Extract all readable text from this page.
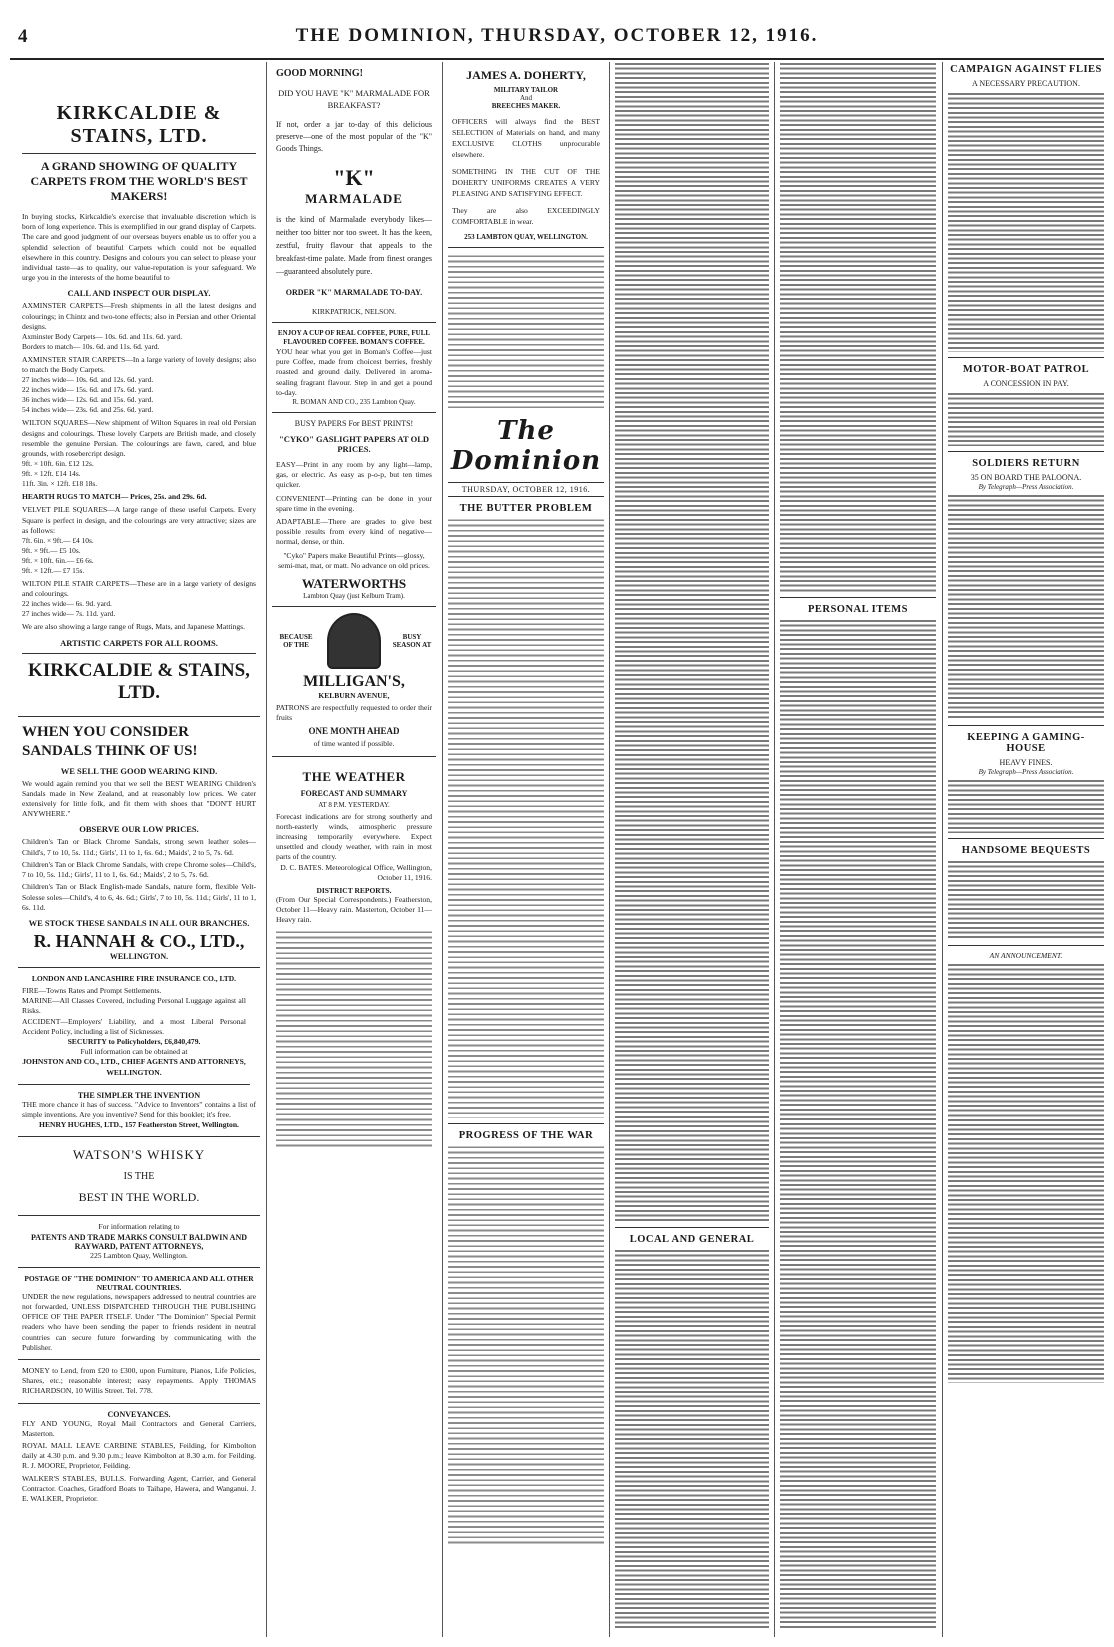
4	THE DOMINION, THURSDAY, OCTOBER 12, 1916.
KIRKCALDIE & STAINS, LTD.
A GRAND SHOWING OF QUALITY CARPETS FROM THE WORLD'S BEST MAKERS!
In buying stocks, Kirkcaldie's exercise that invaluable discretion which is born of long experience. This is exemplified in our grand display of Carpets. The care and good judgment of our overseas buyers enable us to offer you a splendid selection of beautiful Carpets which could not be equalled elsewhere in this country. Designs and colours you can select to please your individual taste—as to quality, our value-reputation is your safeguard. We urge you in the interests of the home beautiful to
CALL AND INSPECT OUR DISPLAY.
AXMINSTER CARPETS—Fresh shipments in all the latest designs and colourings; in Chintz and two-tone effects; also in Persian and other Oriental designs.
Axminster Body Carpets— 10s. 6d. and 11s. 6d. yard.
Borders to match— 10s. 6d. and 11s. 6d. yard.
AXMINSTER STAIR CARPETS—In a large variety of lovely designs; also to match the Body Carpets.
27 inches wide— 10s. 6d. and 12s. 6d. yard.
22 inches wide— 15s. 6d. and 17s. 6d. yard.
36 inches wide— 12s. 6d. and 15s. 6d. yard.
54 inches wide— 23s. 6d. and 25s. 6d. yard.
WILTON SQUARES—New shipment of Wilton Squares in real old Persian designs and colourings. These lovely Carpets are British made, and closely resemble the genuine Persian. The colourings are fawn, cared, and blue grounds, with rosebercript design.
9ft. × 10ft. 6in. £12 12s.
9ft. × 12ft. £14 14s.
11ft. 3in. × 12ft. £18 18s.
HEARTH RUGS TO MATCH— Prices, 25s. and 29s. 6d.
VELVET PILE SQUARES—A large range of these useful Carpets. Every Square is perfect in design, and the colourings are very attractive; sizes are as follows:
7ft. 6in. × 9ft.— £4 10s.
9ft. × 9ft.— £5 10s.
9ft. × 10ft. 6in.— £6 6s.
9ft. × 12ft.— £7 15s.
WILTON PILE STAIR CARPETS—These are in a large variety of designs and colourings.
22 inches wide— 6s. 9d. yard.
27 inches wide— 7s. 11d. yard.
We are also showing a large range of Rugs, Mats, and Japanese Mattings.
ARTISTIC CARPETS FOR ALL ROOMS.
KIRKCALDIE & STAINS, LTD.
WHEN YOU CONSIDER SANDALS THINK OF US!
WE SELL THE GOOD WEARING KIND.
We would again remind you that we sell the BEST WEARING Children's Sandals made in New Zealand, and at reasonably low prices. We cater extensively for little folk, and fit them with shoes that "DON'T HURT ANYWHERE."
OBSERVE OUR LOW PRICES.
Children's Tan or Black Chrome Sandals, strong sewn leather soles—Child's, 7 to 10, 5s. 11d.; Girls', 11 to 1, 6s. 6d.; Maids', 2 to 5, 7s. 6d.
Children's Tan or Black Chrome Sandals, with crepe Chrome soles—Child's, 7 to 10, 5s. 11d.; Girls', 11 to 1, 6s. 6d.; Maids', 2 to 5, 7s. 6d.
Children's Tan or Black English-made Sandals, nature form, flexible Velt-Solesse soles—Child's, 4 to 6, 4s. 6d.; Girls', 7 to 10, 5s. 11d.; Girls', 11 to 1, 6s. 11d.
WE STOCK THESE SANDALS IN ALL OUR BRANCHES.
R. HANNAH & CO., LTD.,
WELLINGTON.
LONDON AND LANCASHIRE FIRE INSURANCE CO., LTD.
FIRE—Towns Rates and Prompt Settlements.
MARINE—All Classes Covered, including Personal Luggage against all Risks.
ACCIDENT—Employers' Liability, and a most Liberal Personal Accident Policy, including a list of Sicknesses.
SECURITY to Policyholders, £6,840,479.
Full information can be obtained at
JOHNSTON AND CO., LTD., CHIEF AGENTS AND ATTORNEYS, WELLINGTON.
THE SIMPLER THE INVENTION
THE more chance it has of success. "Advice to Inventors" contains a list of simple inventions. Are you inventive? Send for this booklet; it's free.
HENRY HUGHES, LTD., 157 Featherston Street, Wellington.
WATSON'S WHISKY
IS THE
BEST IN THE WORLD.
For information relating to
PATENTS AND TRADE MARKS CONSULT BALDWIN AND RAYWARD, PATENT ATTORNEYS,
225 Lambton Quay, Wellington.
POSTAGE OF "THE DOMINION" TO AMERICA AND ALL OTHER NEUTRAL COUNTRIES.
UNDER the new regulations, newspapers addressed to neutral countries are not forwarded, UNLESS DISPATCHED THROUGH THE PUBLISHING OFFICE OF THE PAPER ITSELF. Under "The Dominion" Special Permit readers who have been sending the paper to friends resident in neutral countries can secure future forwarding by communicating with the Publisher.
MONEY to Lend, from £20 to £300, upon Furniture, Pianos, Life Policies, Shares, etc.; reasonable interest; easy repayments. Apply THOMAS RICHARDSON, 10 Willis Street. Tel. 778.
CONVEYANCES.
FLY AND YOUNG, Royal Mail Contractors and General Carriers, Masterton.
ROYAL MALL LEAVE CARBINE STABLES, Feilding, for Kimbolton daily at 4.30 p.m. and 9.30 p.m.; leave Kimbolton at 8.30 a.m. for Feilding. R. J. MOORE, Proprietor, Feilding.
WALKER'S STABLES, BULLS. Forwarding Agent, Carrier, and General Contractor. Coaches, Gradford Boats to Taihape, Hawera, and Wanganui. J. E. WALKER, Proprietor.
GOOD MORNING!
DID YOU HAVE "K" MARMALADE FOR BREAKFAST?
If not, order a jar to-day of this delicious preserve—one of the most popular of the "K" Goods Things.
"K"
MARMALADE
is the kind of Marmalade everybody likes—neither too bitter nor too sweet. It has the keen, zestful, fruity flavour that appeals to the breakfast-time palate. Made from finest oranges—guaranteed absolutely pure.
ORDER "K" MARMALADE TO-DAY.
KIRKPATRICK, NELSON.
ENJOY A CUP OF REAL COFFEE, PURE, FULL FLAVOURED COFFEE. BOMAN'S COFFEE.
YOU hear what you get in Boman's Coffee—just pure Coffee, made from choicest berries, freshly roasted and ground daily. Delivered in aroma-sealing fragrant flavour. Step in and get a pound to-day.
R. BOMAN AND CO., 235 Lambton Quay.
BUSY PAPERS For BEST PRINTS!
"CYKO" GASLIGHT PAPERS AT OLD PRICES.
EASY—Print in any room by any light—lamp, gas, or electric. As easy as p-o-p, but ten times quicker.
CONVENIENT—Printing can be done in your spare time in the evening.
ADAPTABLE—There are grades to give best possible results from every kind of negative—normal, dense, or thin.
"Cyko" Papers make Beautiful Prints—glossy, semi-mat, mat, or matt. No advance on old prices.
WATERWORTHS
Lambton Quay (just Kelburn Tram).
BECAUSE OF THE
BUSY SEASON AT
MILLIGAN'S,
KELBURN AVENUE,
PATRONS are respectfully requested to order their fruits
ONE MONTH AHEAD
of time wanted if possible.
THE WEATHER
FORECAST AND SUMMARY
AT 8 P.M. YESTERDAY.
Forecast indications are for strong southerly and north-easterly winds, atmospheric pressure increasing temporarily everywhere. Expect unsettled and cloudy weather, with rain in most parts of the country.
D. C. BATES. Meteorological Office, Wellington, October 11, 1916.
DISTRICT REPORTS.
(From Our Special Correspondents.) Featherston, October 11—Heavy rain. Masterton, October 11—Heavy rain.
JAMES A. DOHERTY,
MILITARY TAILOR
And
BREECHES MAKER.
OFFICERS will always find the BEST SELECTION of Materials on hand, and many EXCLUSIVE CLOTHS unprocurable elsewhere.
SOMETHING IN THE CUT OF THE DOHERTY UNIFORMS CREATES A VERY PLEASING AND SATISFYING EFFECT.
They are also EXCEEDINGLY COMFORTABLE in wear.
253 LAMBTON QUAY, WELLINGTON.
The Dominion
THURSDAY, OCTOBER 12, 1916.
THE BUTTER PROBLEM
PROGRESS OF THE WAR
LOCAL AND GENERAL
PERSONAL ITEMS
CAMPAIGN AGAINST FLIES
A NECESSARY PRECAUTION.
MOTOR-BOAT PATROL
A CONCESSION IN PAY.
SOLDIERS RETURN
35 ON BOARD THE PALOONA.
By Telegraph—Press Association.
KEEPING A GAMING-HOUSE
HEAVY FINES.
By Telegraph—Press Association.
HANDSOME BEQUESTS
AN ANNOUNCEMENT.
